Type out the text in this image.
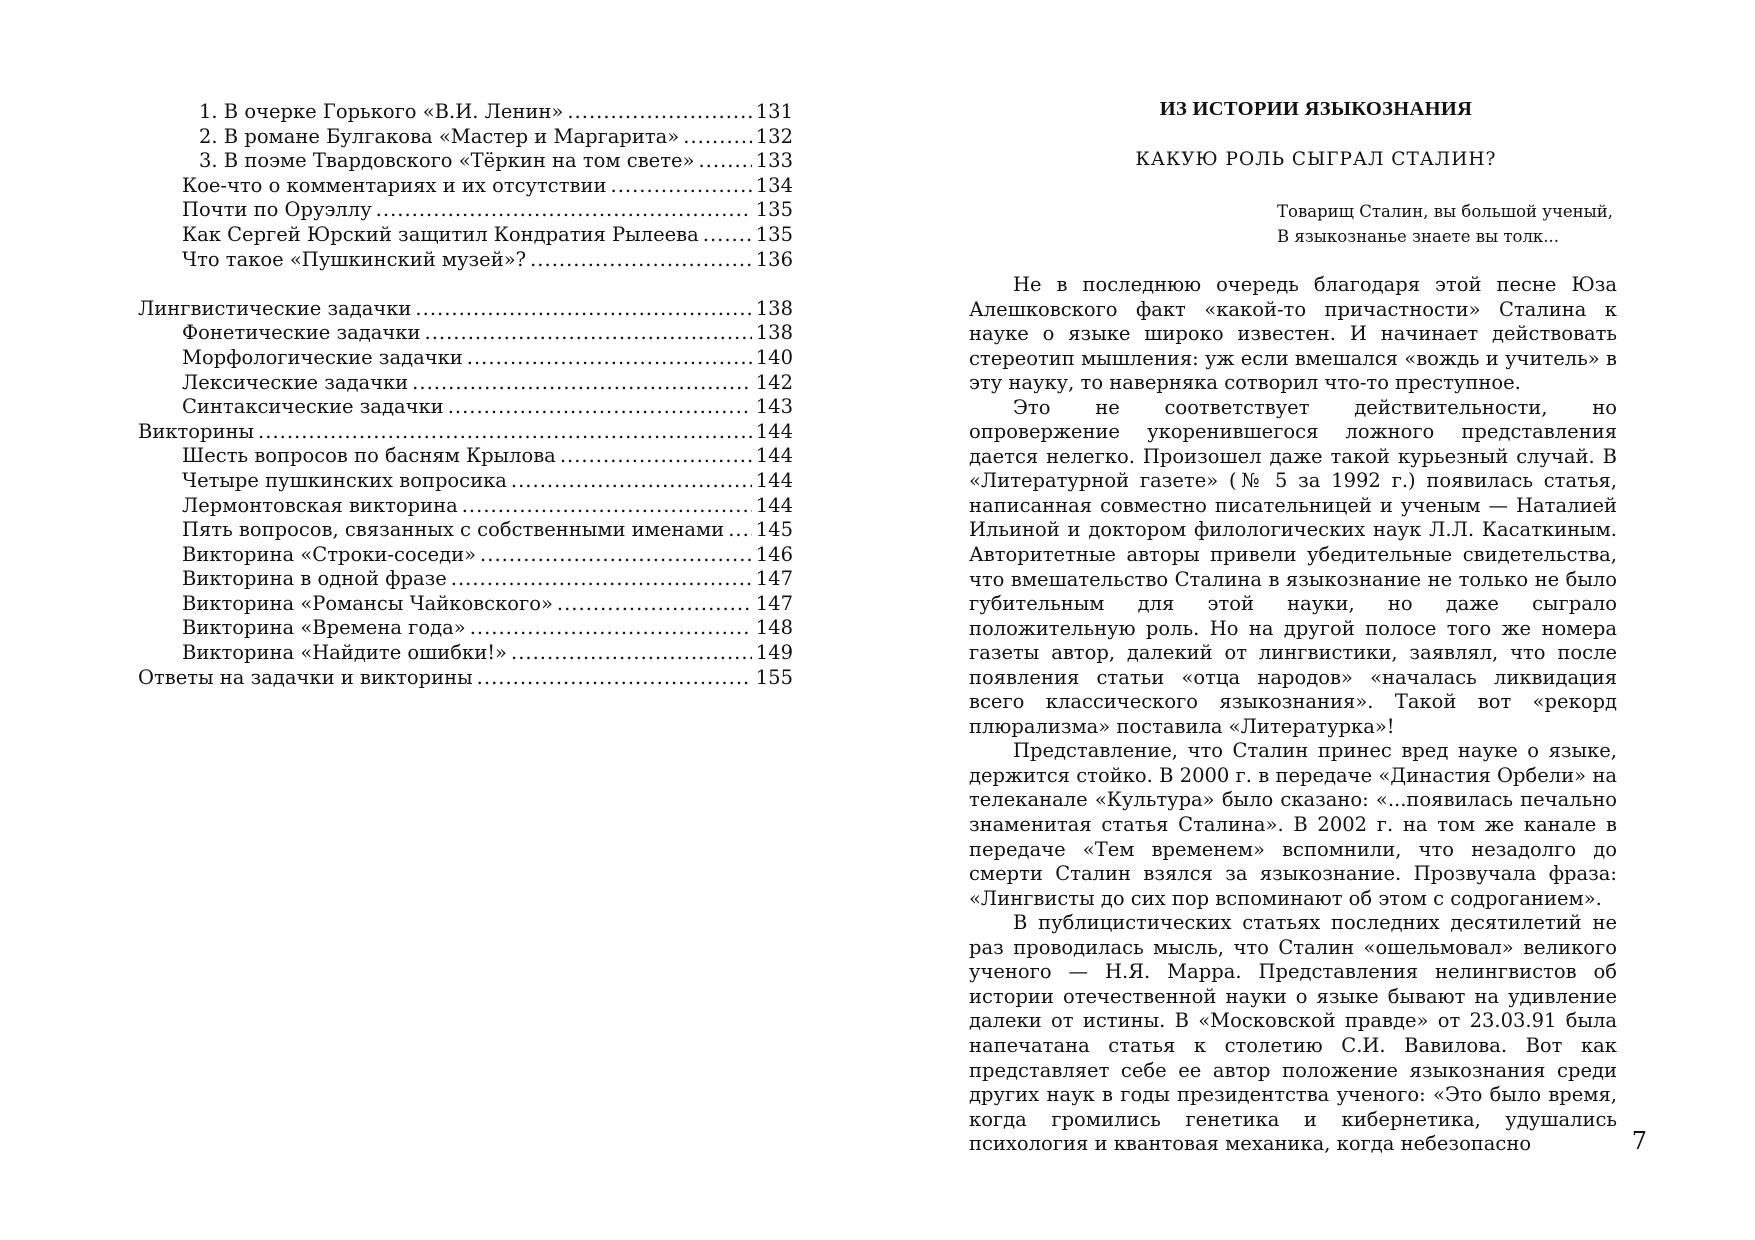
1. В очерке Горького «В.И. Ленин» .....	131
2. В романе Булгакова «Мастер и Маргарита» .....	132
3. В поэме Твардовского «Тёркин на том свете» .....	133
Кое-что о комментариях и их отсутствии .....	134
Почти по Оруэллу .....	135
Как Сергей Юрский защитил Кондратия Рылеева .....	135
Что такое «Пушкинский музей»? .....	136
Лингвистические задачки .....	138
Фонетические задачки .....	138
Морфологические задачки .....	140
Лексические задачки .....	142
Синтаксические задачки .....	143
Викторины .....	144
Шесть вопросов по басням Крылова .....	144
Четыре пушкинских вопросика .....	144
Лермонтовская викторина .....	144
Пять вопросов, связанных с собственными именами ..... 145
Викторина «Строки-соседи» .....	146
Викторина в одной фразе .....	147
Викторина «Романсы Чайковского» .....	147
Викторина «Времена года» .....	148
Викторина «Найдите ошибки!» .....	149
Ответы на задачки и викторины .....	155
ИЗ ИСТОРИИ ЯЗЫКОЗНАНИЯ
КАКУЮ РОЛЬ СЫГРАЛ СТАЛИН?
Товарищ Сталин, вы большой ученый,
В языкознанье знаете вы толк...

Не в последнюю очередь благодаря этой песне Юза Алешковского факт «какой-то причастности» Сталина к науке о языке широко известен. И начинает действовать стереотип мышления: уж если вмешался «вождь и учитель» в эту науку, то наверняка сотворил что-то преступное.

Это не соответствует действительности, но опровержение укоренившегося ложного представления дается нелегко. Произошел даже такой курьезный случай. В «Литературной газете» (№ 5 за 1992 г.) появилась статья, написанная совместно писательницей и ученым — Наталией Ильиной и доктором филологических наук Л.Л. Касаткиным. Авторитетные авторы привели убедительные свидетельства, что вмешательство Сталина в языкознание не только не было губительным для этой науки, но даже сыграло положительную роль. Но на другой полосе того же номера газеты автор, далекий от лингвистики, заявлял, что после появления статьи «отца народов» «началась ликвидация всего классического языкознания». Такой вот «рекорд плюрализма» поставила «Литературка»!

Представление, что Сталин принес вред науке о языке, держится стойко. В 2000 г. в передаче «Династия Орбели» на телеканале «Культура» было сказано: «...появилась печально знаменитая статья Сталина». В 2002 г. на том же канале в передаче «Тем временем» вспомнили, что незадолго до смерти Сталин взялся за языкознание. Прозвучала фраза: «Лингвисты до сих пор вспоминают об этом с содроганием».

В публицистических статьях последних десятилетий не раз проводилась мысль, что Сталин «ошельмовал» великого ученого — Н.Я. Марра. Представления нелингвистов об истории отечественной науки о языке бывают на удивление далеки от истины. В «Московской правде» от 23.03.91 была напечатана статья к столетию С.И. Вавилова. Вот как представляет себе ее автор положение языкознания среди других наук в годы президентства ученого: «Это было время, когда громились генетика и кибернетика, удушались психология и квантовая механика, когда небезопасно	7
